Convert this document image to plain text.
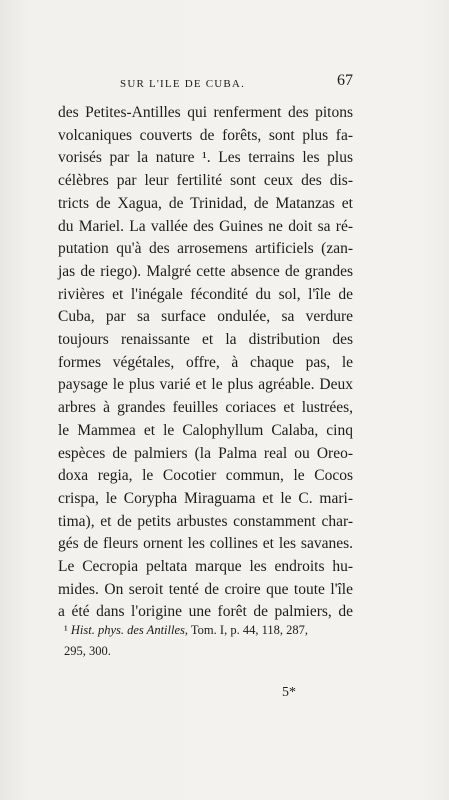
SUR L'ILE DE CUBA.	67
des Petites-Antilles qui renferment des pitons
volcaniques couverts de forêts, sont plus fa-
vorisés par la nature ¹. Les terrains les plus
célèbres par leur fertilité sont ceux des dis-
tricts de Xagua, de Trinidad, de Matanzas et
du Mariel. La vallée des Guines ne doit sa ré-
putation qu'à des arrosemens artificiels (zan-
jas de riego). Malgré cette absence de grandes
rivières et l'inégale fécondité du sol, l'île de
Cuba, par sa surface ondulée, sa verdure
toujours renaissante et la distribution des
formes végétales, offre, à chaque pas, le
paysage le plus varié et le plus agréable. Deux
arbres à grandes feuilles coriaces et lustrées,
le Mammea et le Calophyllum Calaba, cinq
espèces de palmiers (la Palma real ou Oreo-
doxa regia, le Cocotier commun, le Cocos
crispa, le Corypha Miraguama et le C. mari-
tima), et de petits arbustes constamment char-
gés de fleurs ornent les collines et les savanes.
Le Cecropia peltata marque les endroits hu-
mides. On seroit tenté de croire que toute l'île
a été dans l'origine une forêt de palmiers, de
¹ Hist. phys. des Antilles, Tom. I, p. 44, 118, 287,
295, 300.
5*
